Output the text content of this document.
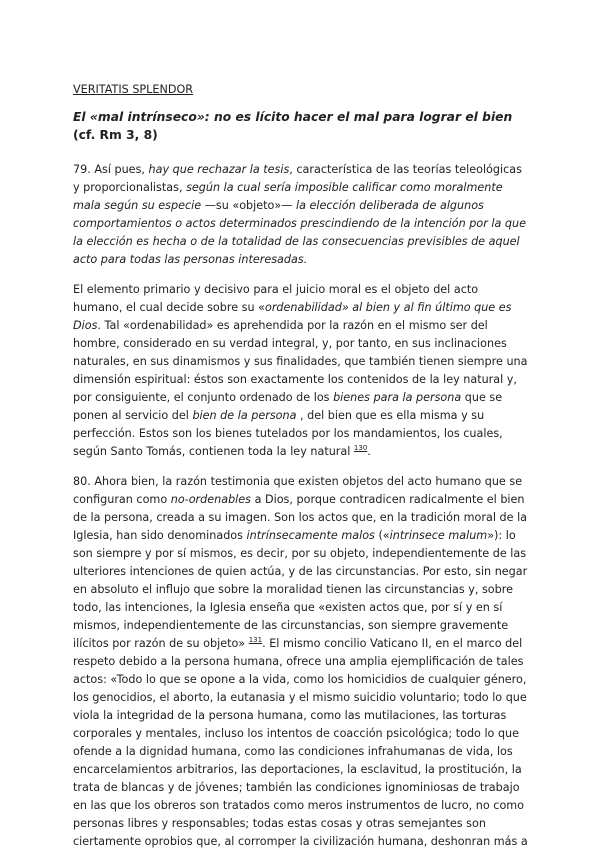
VERITATIS SPLENDOR
El «mal intrínseco»: no es lícito hacer el mal para lograr el bien (cf. Rm 3, 8)

79. Así pues, hay que rechazar la tesis, característica de las teorías teleológicas y proporcionalistas, según la cual sería imposible calificar como moralmente mala según su especie —su «objeto»— la elección deliberada de algunos comportamientos o actos determinados prescindiendo de la intención por la que la elección es hecha o de la totalidad de las consecuencias previsibles de aquel acto para todas las personas interesadas.

El elemento primario y decisivo para el juicio moral es el objeto del acto humano, el cual decide sobre su «ordenabilidad» al bien y al fin último que es Dios. Tal «ordenabilidad» es aprehendida por la razón en el mismo ser del hombre, considerado en su verdad integral, y, por tanto, en sus inclinaciones naturales, en sus dinamismos y sus finalidades, que también tienen siempre una dimensión espiritual: éstos son exactamente los contenidos de la ley natural y, por consiguiente, el conjunto ordenado de los bienes para la persona que se ponen al servicio del bien de la persona , del bien que es ella misma y su perfección. Estos son los bienes tutelados por los mandamientos, los cuales, según Santo Tomás, contienen toda la ley natural $^{130}$.

80. Ahora bien, la razón testimonia que existen objetos del acto humano que se configuran como no-ordenables a Dios, porque contradicen radicalmente el bien de la persona, creada a su imagen. Son los actos que, en la tradición moral de la Iglesia, han sido denominados intrínsecamente malos («intrinsece malum»): lo son siempre y por sí mismos, es decir, por su objeto, independientemente de las ulteriores intenciones de quien actúa, y de las circunstancias. Por esto, sin negar en absoluto el influjo que sobre la moralidad tienen las circunstancias y, sobre todo, las intenciones, la Iglesia enseña que «existen actos que, por sí y en sí mismos, independientemente de las circunstancias, son siempre gravemente ilícitos por razón de su objeto» $^{131}$. El mismo concilio Vaticano II, en el marco del respeto debido a la persona humana, ofrece una amplia ejemplificación de tales actos: «Todo lo que se opone a la vida, como los homicidios de cualquier género, los genocidios, el aborto, la eutanasia y el mismo suicidio voluntario; todo lo que viola la integridad de la persona humana, como las mutilaciones, las torturas corporales y mentales, incluso los intentos de coacción psicológica; todo lo que ofende a la dignidad humana, como las condiciones infrahumanas de vida, los encarcelamientos arbitrarios, las deportaciones, la esclavitud, la prostitución, la trata de blancas y de jóvenes; también las condiciones ignominiosas de trabajo en las que los obreros son tratados como meros instrumentos de lucro, no como personas libres y responsables; todas estas cosas y otras semejantes son ciertamente oprobios que, al corromper la civilización humana, deshonran más a
